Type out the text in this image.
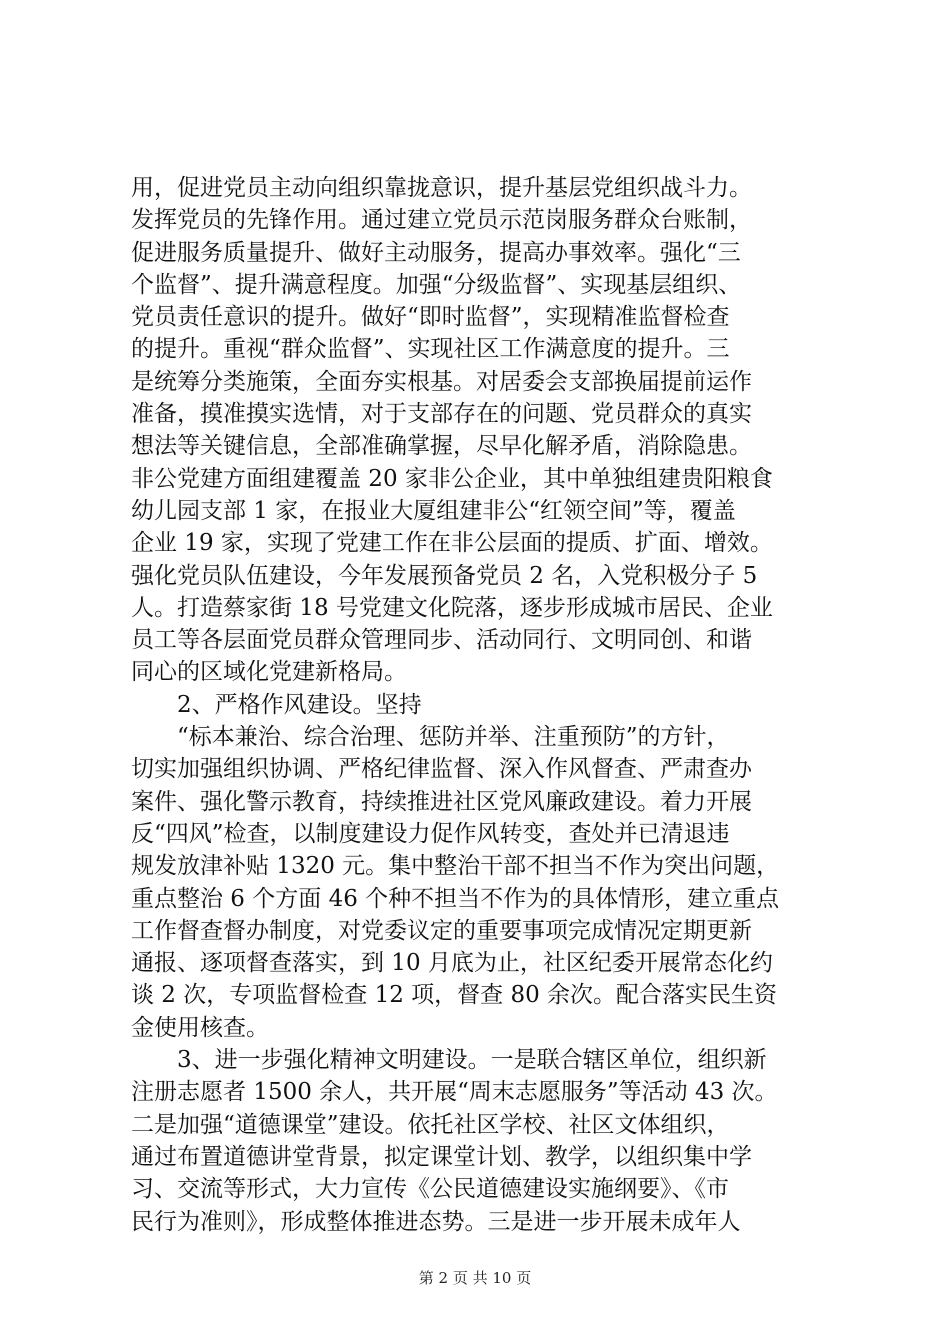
用，促进党员主动向组织靠拢意识，提升基层党组织战斗力。
发挥党员的先锋作用。通过建立党员示范岗服务群众台账制，
促进服务质量提升、做好主动服务，提高办事效率。强化“三
个监督”、提升满意程度。加强“分级监督”、实现基层组织、
党员责任意识的提升。做好“即时监督”，实现精准监督检查
的提升。重视“群众监督”、实现社区工作满意度的提升。三
是统筹分类施策，全面夯实根基。对居委会支部换届提前运作
准备，摸准摸实选情，对于支部存在的问题、党员群众的真实
想法等关键信息，全部准确掌握，尽早化解矛盾，消除隐患。
非公党建方面组建覆盖 20 家非公企业，其中单独组建贵阳粮食
幼儿园支部 1 家，在报业大厦组建非公“红领空间”等，覆盖
企业 19 家，实现了党建工作在非公层面的提质、扩面、增效。
强化党员队伍建设，今年发展预备党员 2 名，入党积极分子 5
人。打造蔡家街 18 号党建文化院落，逐步形成城市居民、企业
员工等各层面党员群众管理同步、活动同行、文明同创、和谐
同心的区域化党建新格局。
　　2、严格作风建设。坚持
　　“标本兼治、综合治理、惩防并举、注重预防”的方针，
切实加强组织协调、严格纪律监督、深入作风督查、严肃查办
案件、强化警示教育，持续推进社区党风廉政建设。着力开展
反“四风”检查，以制度建设力促作风转变，查处并已清退违
规发放津补贴 1320 元。集中整治干部不担当不作为突出问题，
重点整治 6 个方面 46 个种不担当不作为的具体情形，建立重点
工作督查督办制度，对党委议定的重要事项完成情况定期更新
通报、逐项督查落实，到 10 月底为止，社区纪委开展常态化约
谈 2 次，专项监督检查 12 项，督查 80 余次。配合落实民生资
金使用核查。
　　3、进一步强化精神文明建设。一是联合辖区单位，组织新
注册志愿者 1500 余人，共开展“周末志愿服务”等活动 43 次。
二是加强“道德课堂”建设。依托社区学校、社区文体组织，
通过布置道德讲堂背景，拟定课堂计划、教学，以组织集中学
习、交流等形式，大力宣传《公民道德建设实施纲要》、《市
民行为准则》，形成整体推进态势。三是进一步开展未成年人
第 2 页 共 10 页
